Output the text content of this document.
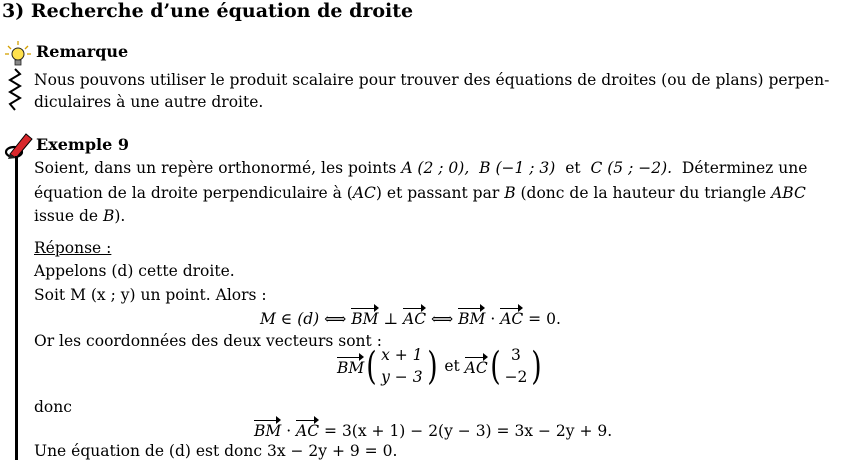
3) Recherche d’une équation de droite
Remarque
Nous pouvons utiliser le produit scalaire pour trouver des équations de droites (ou de plans) perpen-
diculaires à une autre droite.
Exemple 9
Soient, dans un repère orthonormé, les points A (2 ; 0), B (−1 ; 3) et C (5 ; −2). Déterminez une
équation de la droite perpendiculaire à (AC) et passant par B (donc de la hauteur du triangle ABC
issue de B).
Réponse :
Appelons (d) cette droite.
Soit M (x ; y) un point. Alors :
M ∈ (d) ⟺ BM ⊥ AC ⟺ BM · AC = 0.
Or les coordonnées des deux vecteurs sont :
BM ( x + 1
y − 3 )
et
AC ( 3
−2 )
donc
BM · AC = 3(x + 1) − 2(y − 3) = 3x − 2y + 9.
Une équation de (d) est donc 3x − 2y + 9 = 0.
